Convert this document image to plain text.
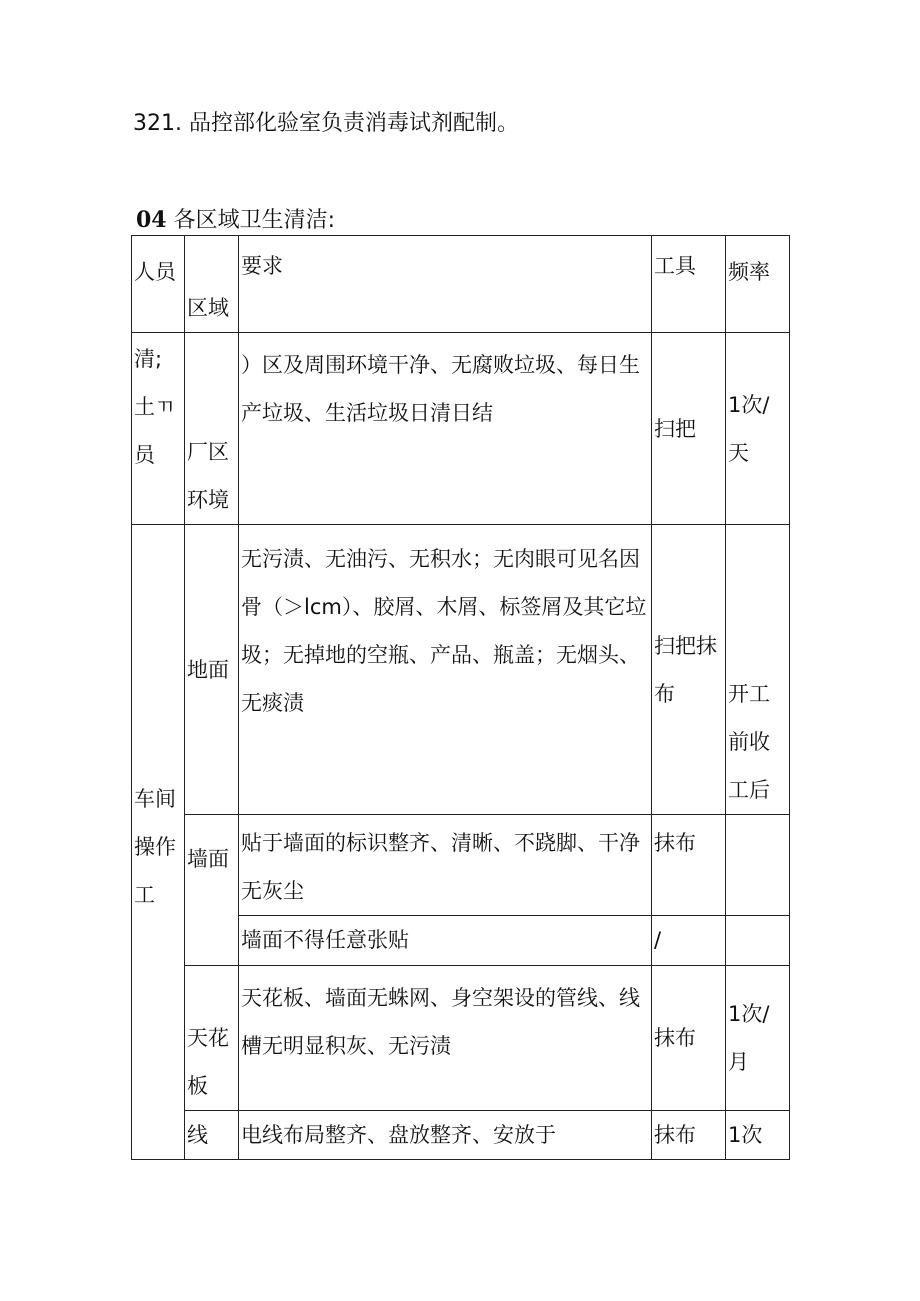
321. 品控部化验室负责消毒试剂配制。
04 各区域卫生清洁:
人员	区域	要求	工具	频率
清;土ㄲ员	厂区环境	）区及周围环境干净、无腐败垃圾、每日生产垃圾、生活垃圾日清日结	扫把	1次/天
车间操作工	地面	无污渍、无油污、无积水；无肉眼可见名因骨（＞lcm）、胶屑、木屑、标签屑及其它垃圾；无掉地的空瓶、产品、瓶盖；无烟头、无痰渍	扫把抹布	开工前收工后
	墙面	贴于墙面的标识整齐、清晰、不跷脚、干净无灰尘	抹布	
		墙面不得任意张贴	/	
	天花板	天花板、墙面无蛛网、身空架设的管线、线槽无明显积灰、无污渍	抹布	1次/月
	线	电线布局整齐、盘放整齐、安放于	抹布	1次
